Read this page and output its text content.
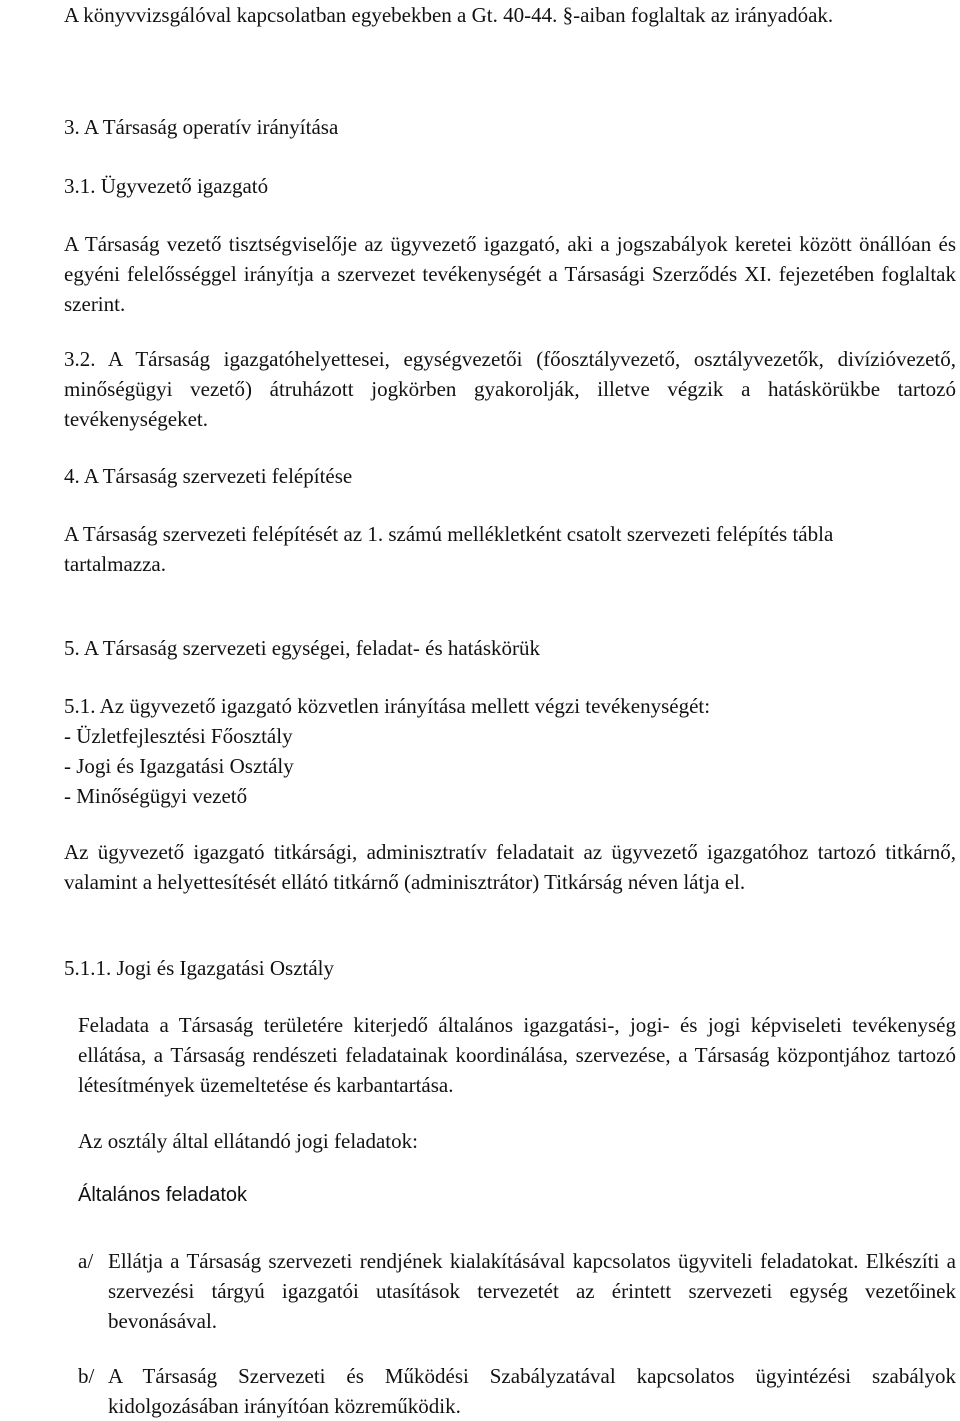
A könyvvizsgálóval kapcsolatban egyebekben a Gt. 40-44. §-aiban foglaltak az irányadóak.

3. A Társaság operatív irányítása

3.1. Ügyvezető igazgató

A Társaság vezető tisztségviselője az ügyvezető igazgató, aki a jogszabályok keretei között önállóan és egyéni felelősséggel irányítja a szervezet tevékenységét a Társasági Szerződés XI. fejezetében foglaltak szerint.

3.2. A Társaság igazgatóhelyettesei, egységvezetői (főosztályvezető, osztályvezetők, divízióvezető, minőségügyi vezető) átruházott jogkörben gyakorolják, illetve végzik a hatáskörükbe tartozó tevékenységeket.

4. A Társaság szervezeti felépítése

A Társaság szervezeti felépítését az 1. számú mellékletként csatolt szervezeti felépítés tábla tartalmazza.

5. A Társaság szervezeti egységei, feladat- és hatáskörük

5.1. Az ügyvezető igazgató közvetlen irányítása mellett végzi tevékenységét:
- Üzletfejlesztési Főosztály
- Jogi és Igazgatási Osztály
- Minőségügyi vezető

Az ügyvezető igazgató titkársági, adminisztratív feladatait az ügyvezető igazgatóhoz tartozó titkárnő, valamint a helyettesítését ellátó titkárnő (adminisztrátor) Titkárság néven látja el.

5.1.1. Jogi és Igazgatási Osztály

Feladata a Társaság területére kiterjedő általános igazgatási-, jogi- és jogi képviseleti tevékenység ellátása, a Társaság rendészeti feladatainak koordinálása, szervezése, a Társaság központjához tartozó létesítmények üzemeltetése és karbantartása.

Az osztály által ellátandó jogi feladatok:

Általános feladatok

a/ Ellátja a Társaság szervezeti rendjének kialakításával kapcsolatos ügyviteli feladatokat. Elkészíti a szervezési tárgyú igazgatói utasítások tervezetét az érintett szervezeti egység vezetőinek bevonásával.
b/ A Társaság Szervezeti és Működési Szabályzatával kapcsolatos ügyintézési szabályok kidolgozásában irányítóan közreműködik.
